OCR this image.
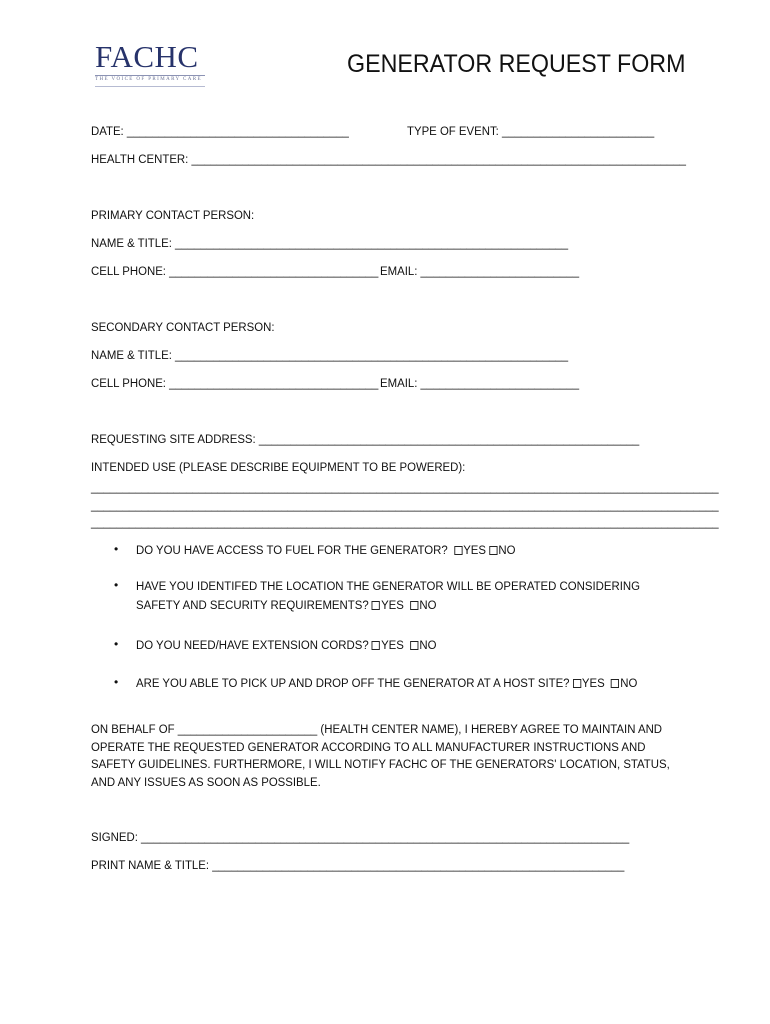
FACHC
THE VOICE OF PRIMARY CARE
GENERATOR REQUEST FORM
DATE: ___________________________________	TYPE OF EVENT: ________________________
HEALTH CENTER: ______________________________________________________________________________
PRIMARY CONTACT PERSON:
NAME & TITLE: ______________________________________________________________
CELL PHONE: _________________________________ EMAIL: _________________________
SECONDARY CONTACT PERSON:
NAME & TITLE: ______________________________________________________________
CELL PHONE: _________________________________ EMAIL: _________________________
REQUESTING SITE ADDRESS: ____________________________________________________________
INTENDED USE (PLEASE DESCRIBE EQUIPMENT TO BE POWERED):
___________________________________________________________________________________________________
___________________________________________________________________________________________________
___________________________________________________________________________________________________
• DO YOU HAVE ACCESS TO FUEL FOR THE GENERATOR? YES NO
• HAVE YOU IDENTIFED THE LOCATION THE GENERATOR WILL BE OPERATED CONSIDERING
SAFETY AND SECURITY REQUIREMENTS? YES NO
• DO YOU NEED/HAVE EXTENSION CORDS? YES NO
• ARE YOU ABLE TO PICK UP AND DROP OFF THE GENERATOR AT A HOST SITE? YES NO
ON BEHALF OF ______________________ (HEALTH CENTER NAME), I HEREBY AGREE TO MAINTAIN AND
OPERATE THE REQUESTED GENERATOR ACCORDING TO ALL MANUFACTURER INSTRUCTIONS AND
SAFETY GUIDELINES. FURTHERMORE, I WILL NOTIFY FACHC OF THE GENERATORS' LOCATION, STATUS,
AND ANY ISSUES AS SOON AS POSSIBLE.
SIGNED: _____________________________________________________________________________
PRINT NAME & TITLE: _________________________________________________________________
